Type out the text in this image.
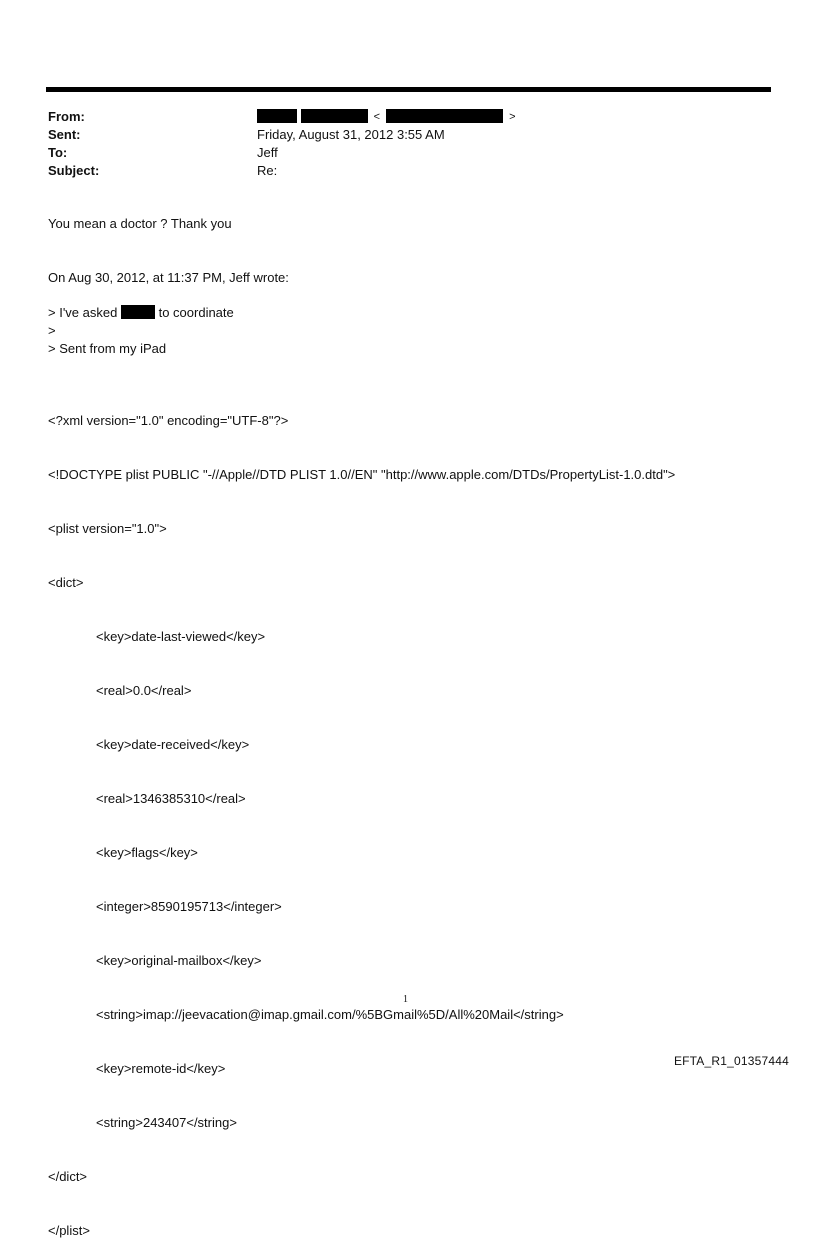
From:	<	>
Sent:	Friday, August 31, 2012 3:55 AM
To:	Jeff
Subject:	Re:
You mean a doctor ? Thank you
On Aug 30, 2012, at 11:37 PM, Jeff wrote:
> I've asked	to coordinate
>
> Sent from my iPad

<?xml version="1.0" encoding="UTF-8"?>

<!DOCTYPE plist PUBLIC "-//Apple//DTD PLIST 1.0//EN" "http://www.apple.com/DTDs/PropertyList-1.0.dtd">

<plist version="1.0">

<dict>

<key>date-last-viewed</key>

<real>0.0</real>

<key>date-received</key>

<real>1346385310</real>

<key>flags</key>

<integer>8590195713</integer>

<key>original-mailbox</key>

<string>imap://jeevacation@imap.gmail.com/%5BGmail%5D/All%20Mail</string>

<key>remote-id</key>

<string>243407</string>

</dict>

</plist>

1
EFTA_R1_01357444
